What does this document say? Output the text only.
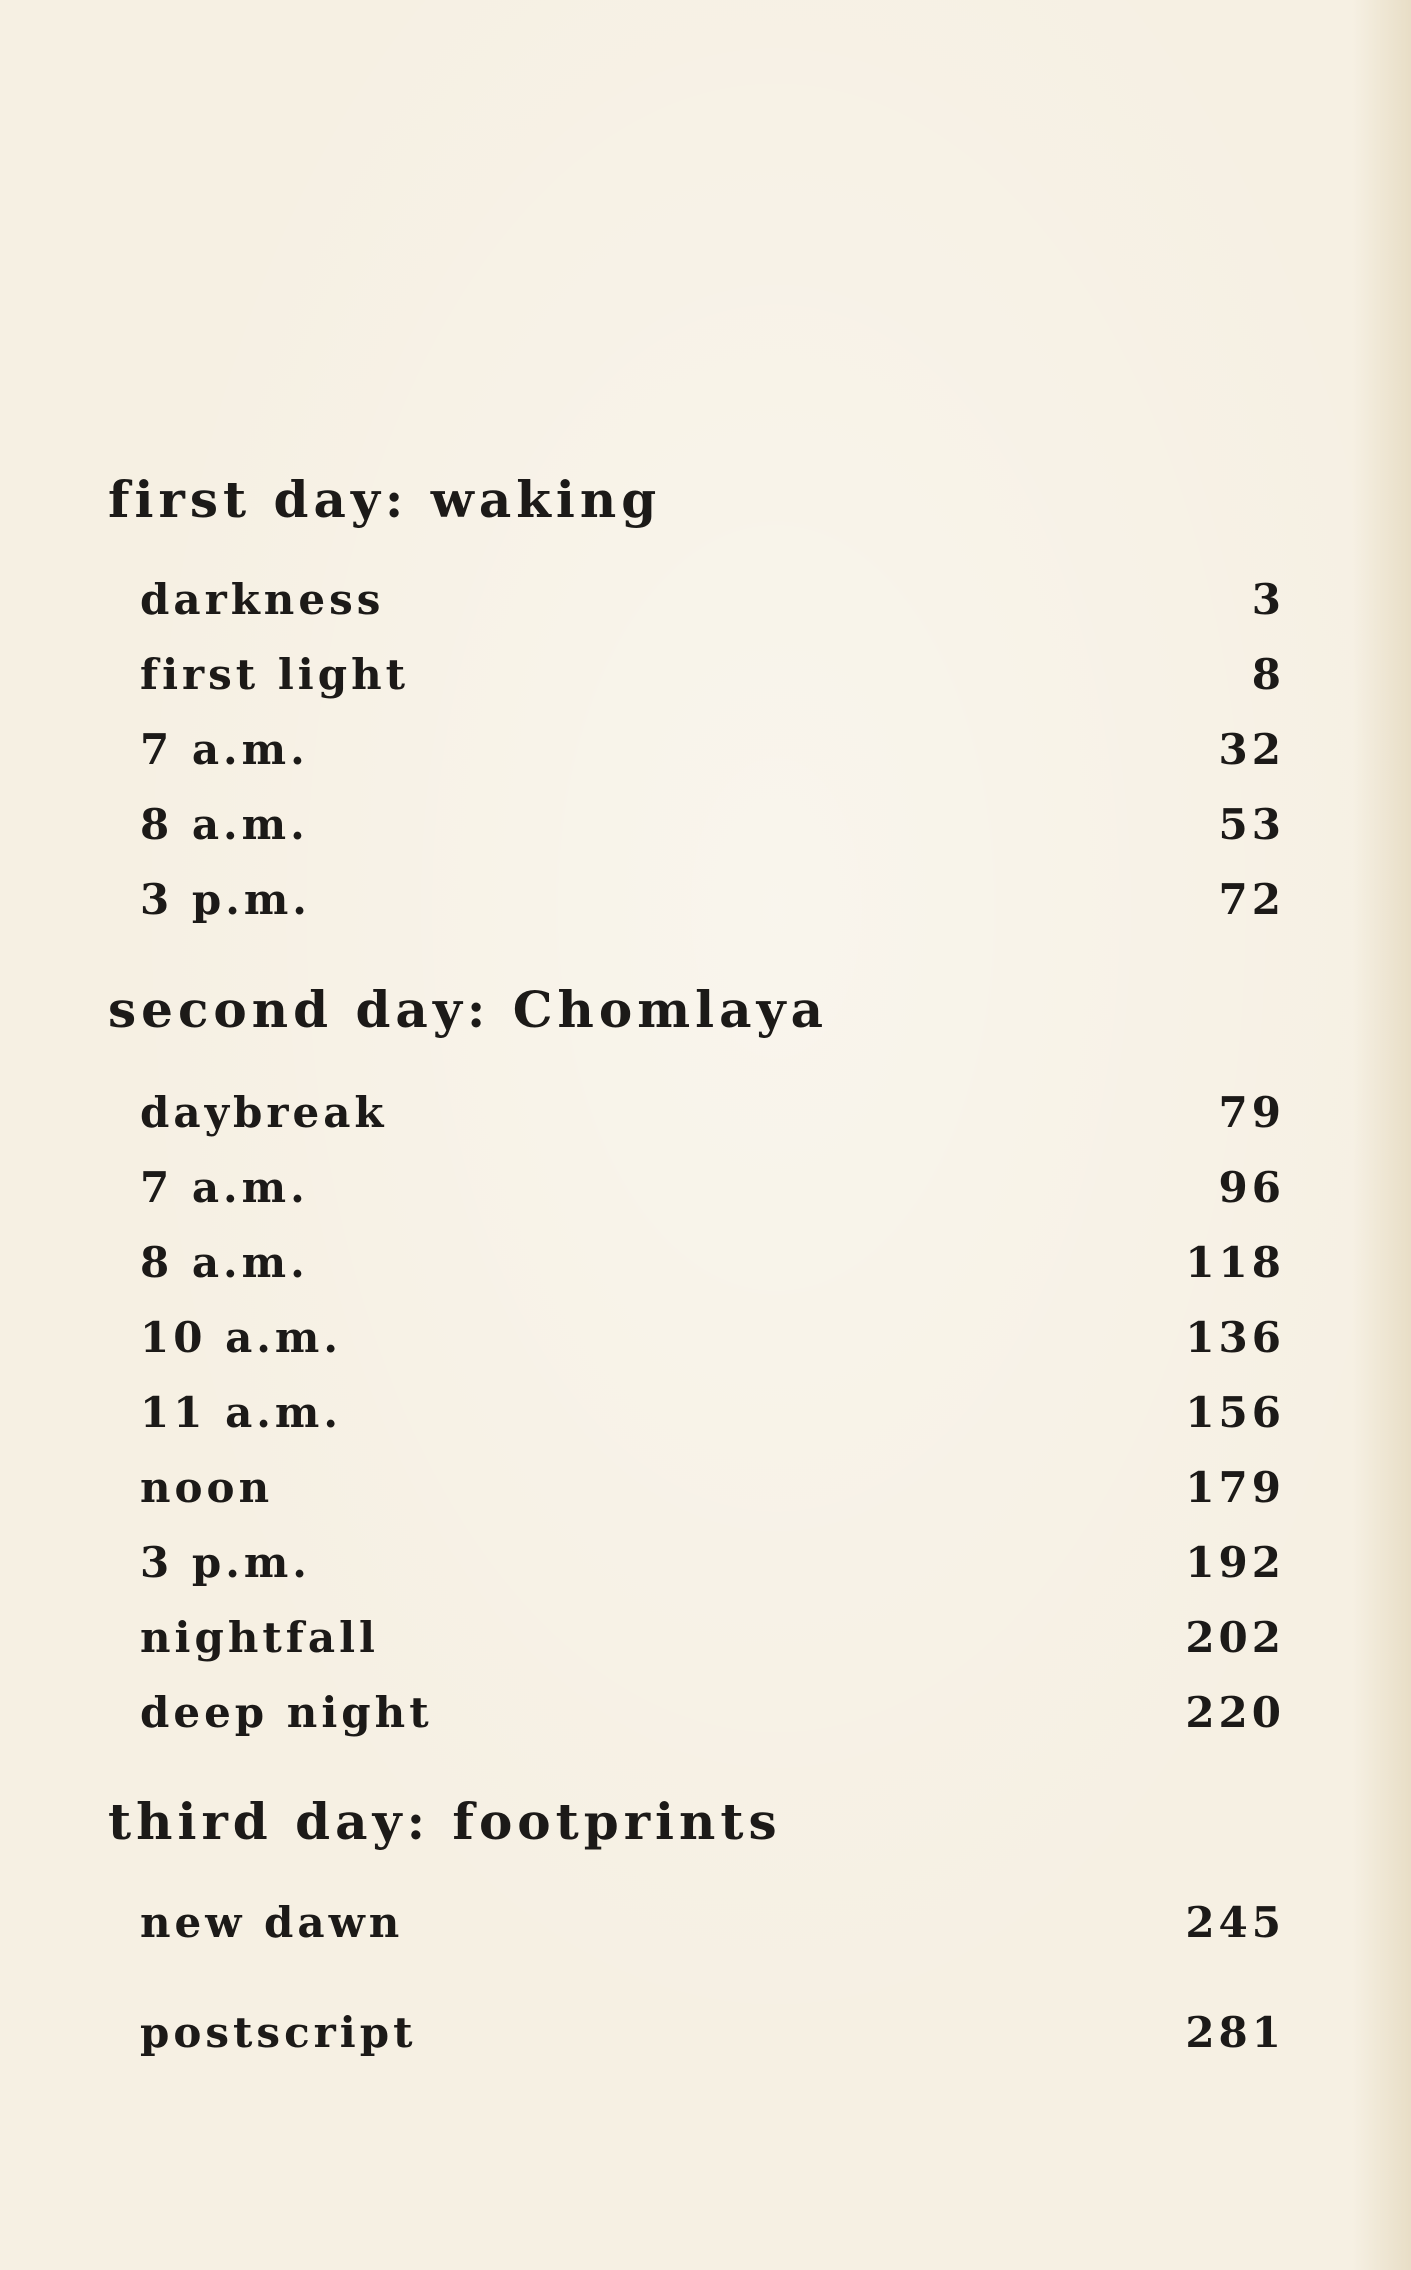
first day: waking
darkness	3
first light	8
7 a.m.	32
8 a.m.	53
3 p.m.	72
second day: Chomlaya
daybreak	79
7 a.m.	96
8 a.m.	118
10 a.m.	136
11 a.m.	156
noon	179
3 p.m.	192
nightfall	202
deep night	220
third day: footprints
new dawn	245
postscript	281
